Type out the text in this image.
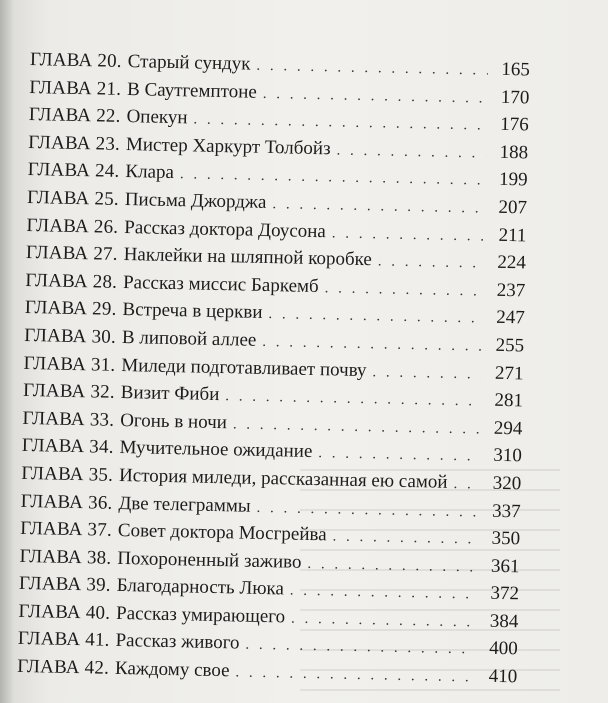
ГЛАВА 20. Старый сундук . . .	165
ГЛАВА 21. В Саутгемптоне . . .	170
ГЛАВА 22. Опекун . . .	176
ГЛАВА 23. Мистер Харкурт Толбойз . . .	188
ГЛАВА 24. Клара . . .	199
ГЛАВА 25. Письма Джорджа . . .	207
ГЛАВА 26. Рассказ доктора Доусона . . .	211
ГЛАВА 27. Наклейки на шляпной коробке . . .	224
ГЛАВА 28. Рассказ миссис Баркемб . . .	237
ГЛАВА 29. Встреча в церкви . . .	247
ГЛАВА 30. В липовой аллее . . .	255
ГЛАВА 31. Миледи подготавливает почву . . .	271
ГЛАВА 32. Визит Фиби . . .	281
ГЛАВА 33. Огонь в ночи . . .	294
ГЛАВА 34. Мучительное ожидание . . .	310
ГЛАВА 35. История миледи, рассказанная ею самой . . .	320
ГЛАВА 36. Две телеграммы . . .	337
ГЛАВА 37. Совет доктора Мосгрейва . . .	350
ГЛАВА 38. Похороненный заживо . . .	361
ГЛАВА 39. Благодарность Люка . . .	372
ГЛАВА 40. Рассказ умирающего . . .	384
ГЛАВА 41. Рассказ живого . . .	400
ГЛАВА 42. Каждому свое . . .	410
